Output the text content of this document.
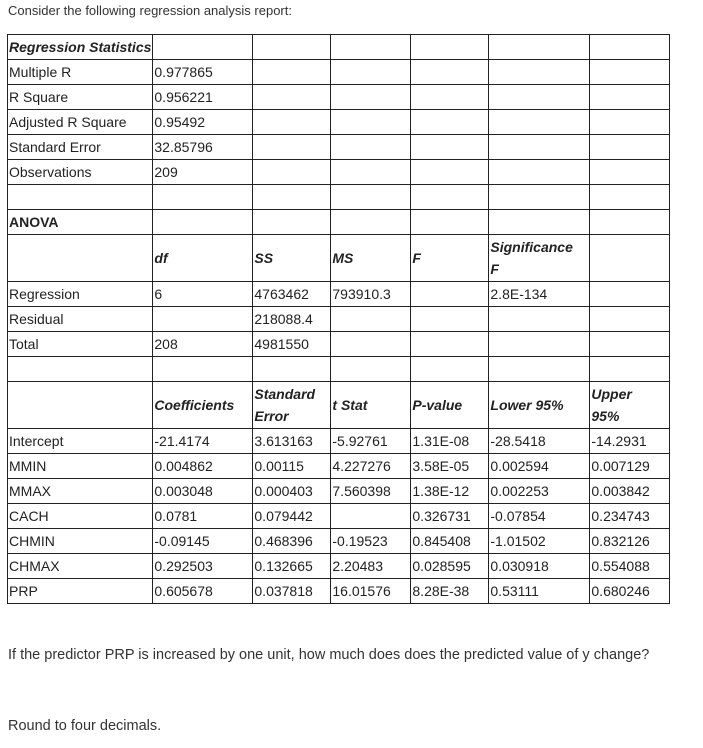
Consider the following regression analysis report:
Regression Statistics						
Multiple R	0.977865					
R Square	0.956221					
Adjusted R Square	0.95492					
Standard Error	32.85796					
Observations	209					

ANOVA						
	df	SS	MS	F	Significance
F	
Regression	6	4763462	793910.3		2.8E-134	
Residual		218088.4				
Total	208	4981550				

	Coefficients	Standard
Error	t Stat	P-value	Lower 95%	Upper
95%
Intercept	-21.4174	3.613163	-5.92761	1.31E-08	-28.5418	-14.2931
MMIN	0.004862	0.00115	4.227276	3.58E-05	0.002594	0.007129
MMAX	0.003048	0.000403	7.560398	1.38E-12	0.002253	0.003842
CACH	0.0781	0.079442		0.326731	-0.07854	0.234743
CHMIN	-0.09145	0.468396	-0.19523	0.845408	-1.01502	0.832126
CHMAX	0.292503	0.132665	2.20483	0.028595	0.030918	0.554088
PRP	0.605678	0.037818	16.01576	8.28E-38	0.53111	0.680246
If the predictor PRP is increased by one unit, how much does does the predicted value of y change?
Round to four decimals.
